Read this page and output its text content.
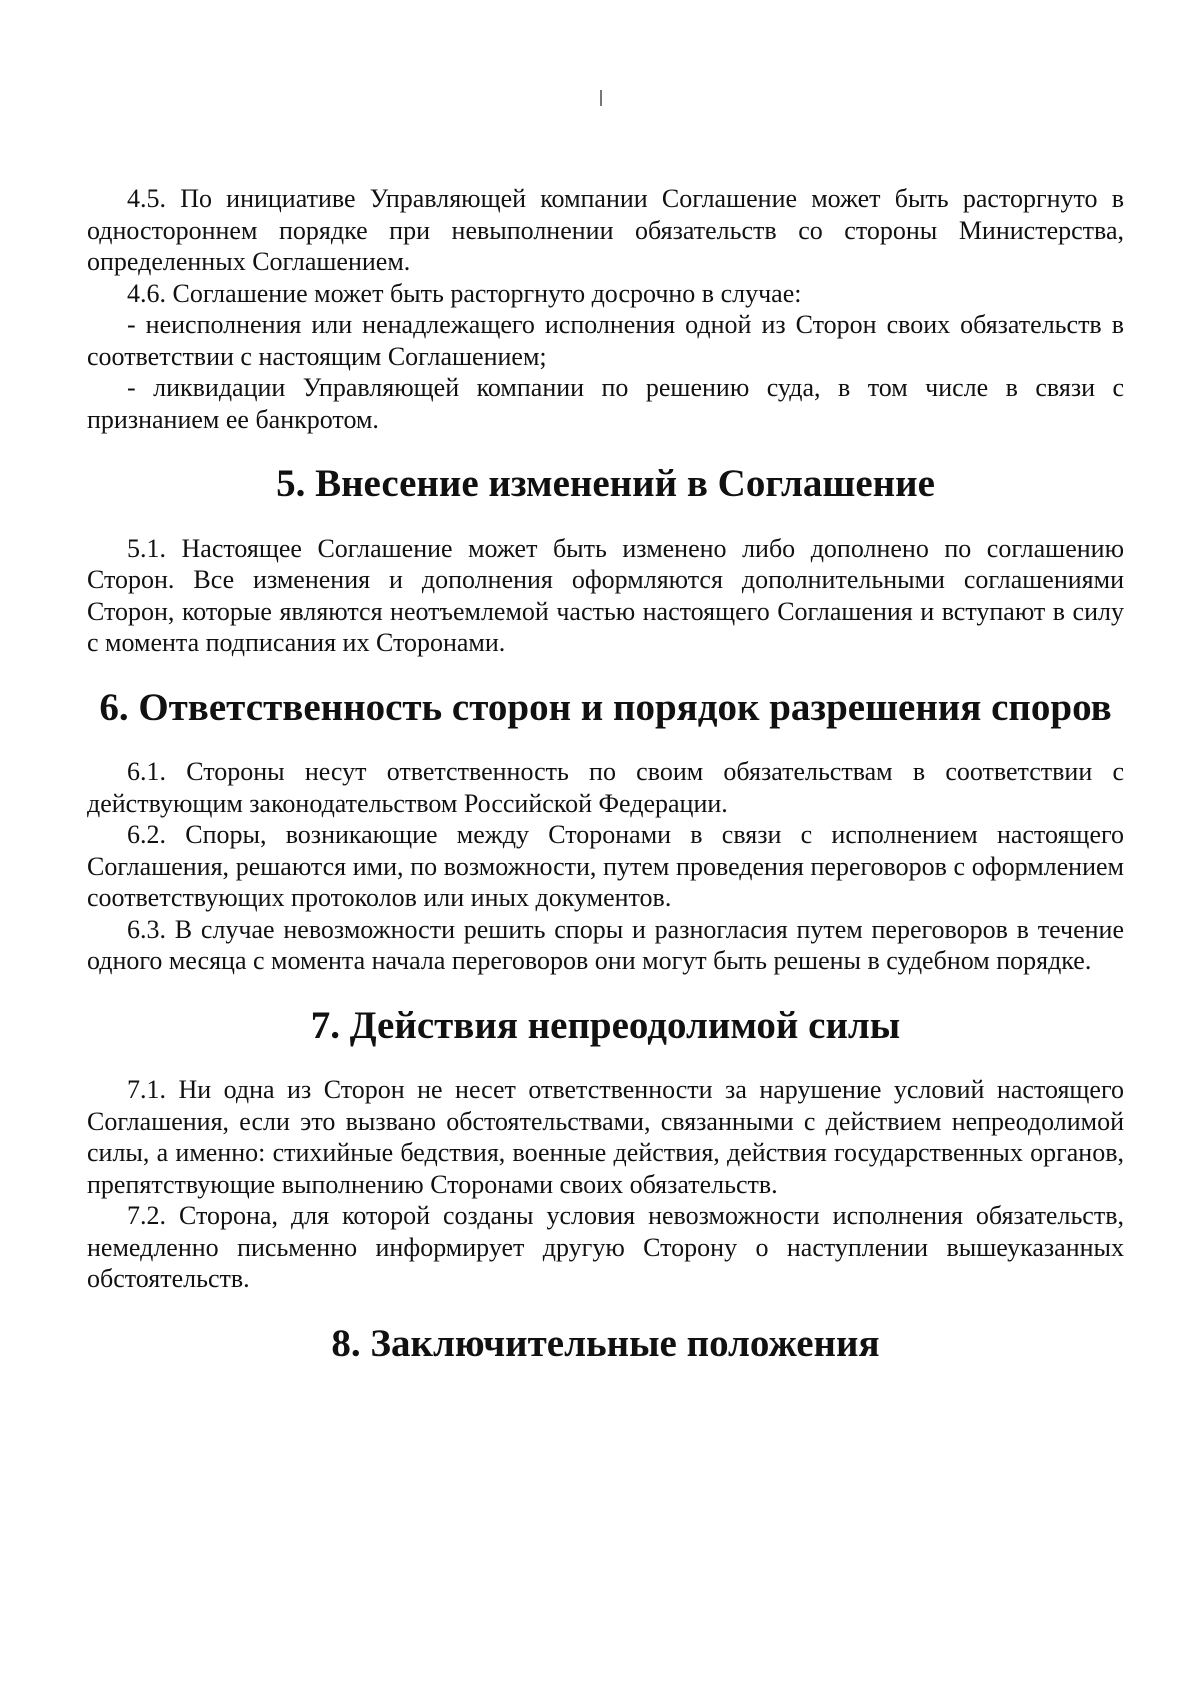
4.5. По инициативе Управляющей компании Соглашение может быть расторгнуто в одностороннем порядке при невыполнении обязательств со стороны Министерства, определенных Соглашением.

4.6. Соглашение может быть расторгнуто досрочно в случае:

- неисполнения или ненадлежащего исполнения одной из Сторон своих обязательств в соответствии с настоящим Соглашением;

- ликвидации Управляющей компании по решению суда, в том числе в связи с признанием ее банкротом.

5. Внесение изменений в Соглашение

5.1. Настоящее Соглашение может быть изменено либо дополнено по соглашению Сторон. Все изменения и дополнения оформляются дополнительными соглашениями Сторон, которые являются неотъемлемой частью настоящего Соглашения и вступают в силу с момента подписания их Сторонами.

6. Ответственность сторон и порядок разрешения споров

6.1. Стороны несут ответственность по своим обязательствам в соответствии с действующим законодательством Российской Федерации.

6.2. Споры, возникающие между Сторонами в связи с исполнением настоящего Соглашения, решаются ими, по возможности, путем проведения переговоров с оформлением соответствующих протоколов или иных документов.

6.3. В случае невозможности решить споры и разногласия путем переговоров в течение одного месяца с момента начала переговоров они могут быть решены в судебном порядке.

7. Действия непреодолимой силы

7.1. Ни одна из Сторон не несет ответственности за нарушение условий настоящего Соглашения, если это вызвано обстоятельствами, связанными с действием непреодолимой силы, а именно: стихийные бедствия, военные действия, действия государственных органов, препятствующие выполнению Сторонами своих обязательств.

7.2. Сторона, для которой созданы условия невозможности исполнения обязательств, немедленно письменно информирует другую Сторону о наступлении вышеуказанных обстоятельств.

8. Заключительные положения
